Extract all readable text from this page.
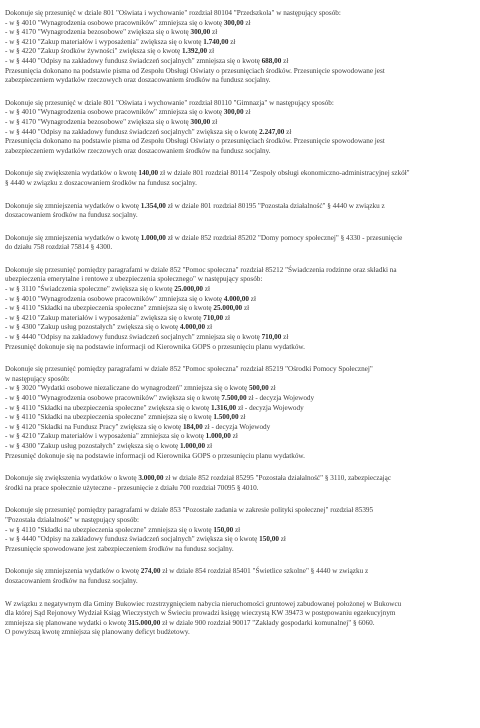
Dokonuje się przesunięć w dziale 801 "Oświata i wychowanie" rozdział 80104 "Przedszkola" w następujący sposób:
- w § 4010 "Wynagrodzenia osobowe pracowników" zmniejsza się o kwotę 300,00 zł
- w § 4170 "Wynagrodzenia bezosobowe" zwiększa się o kwotę 300,00 zł
- w § 4210 "Zakup materiałów i wyposażenia" zwiększa się o kwotę 1.740,00 zł
- w § 4220 "Zakup środków żywności" zwiększa się o kwotę 1.392,00 zł
- w § 4440 "Odpisy na zakładowy fundusz świadczeń socjalnych" zmniejsza się o kwotę 688,00 zł
Przesunięcia dokonano na podstawie pisma od Zespołu Obsługi Oświaty o przesunięciach środków. Przesunięcie spowodowane jest
zabezpieczeniem wydatków rzeczowych oraz doszacowaniem środków na fundusz socjalny.
Dokonuje się przesunięć w dziale 801 "Oświata i wychowanie" rozdział 80110 "Gimnazja" w następujący sposób:
- w § 4010 "Wynagrodzenia osobowe pracowników" zmniejsza się o kwotę 300,00 zł
- w § 4170 "Wynagrodzenia bezosobowe" zwiększa się o kwotę 300,00 zł
- w § 4440 "Odpisy na zakładowy fundusz świadczeń socjalnych" zwiększa się o kwotę 2.247,00 zł
Przesunięcia dokonano na podstawie pisma od Zespołu Obsługi Oświaty o przesunięciach środków. Przesunięcie spowodowane jest
zabezpieczeniem wydatków rzeczowych oraz doszacowaniem środków na fundusz socjalny.
Dokonuje się zwiększenia wydatków o kwotę 140,00 zł w dziale 801 rozdział 80114 "Zespoły obsługi ekonomiczno-administracyjnej szkół"
§ 4440 w związku z doszacowaniem środków na fundusz socjalny.
Dokonuje się zmniejszenia wydatków o kwotę 1.354,00 zł w dziale 801 rozdział 80195 "Pozostała działalność" § 4440 w związku z
doszacowaniem środków na fundusz socjalny.
Dokonuje się zmniejszenia wydatków o kwotę 1.000,00 zł w dziale 852 rozdział 85202 "Domy pomocy społecznej" § 4330 - przesunięcie
do działu 758 rozdział 75814 § 4300.
Dokonuje się przesunięć pomiędzy paragrafami w dziale 852 "Pomoc społeczna" rozdział 85212 "Świadczenia rodzinne oraz składki na
ubezpieczenia emerytalne i rentowe z ubezpieczenia społecznego" w następujący sposób:
- w § 3110 "Świadczenia społeczne" zwiększa się o kwotę 25.000,00 zł
- w § 4010 "Wynagrodzenia osobowe pracowników" zmniejsza się o kwotę 4.000,00 zł
- w § 4110 "Składki na ubezpieczenia społeczne" zmniejsza się o kwotę 25.000,00 zł
- w § 4210 "Zakup materiałów i wyposażenia" zwiększa się o kwotę 710,00 zł
- w § 4300 "Zakup usług pozostałych" zwiększa się o kwotę 4.000,00 zł
- w § 4440 "Odpisy na zakładowy fundusz świadczeń socjalnych" zmniejsza się o kwotę 710,00 zł
Przesunięć dokonuje się na podstawie informacji od Kierownika GOPS o przesunięciu planu wydatków.
Dokonuje się przesunięć pomiędzy paragrafami w dziale 852 "Pomoc społeczna" rozdział 85219 "Ośrodki Pomocy Społecznej"
w następujący sposób:
- w § 3020 "Wydatki osobowe niezaliczane do wynagrodzeń" zmniejsza się o kwotę 500,00 zł
- w § 4010 "Wynagrodzenia osobowe pracowników" zwiększa się o kwotę 7.500,00 zł - decyzja Wojewody
- w § 4110 "Składki na ubezpieczenia społeczne" zwiększa się o kwotę 1.316,00 zł - decyzja Wojewody
- w § 4110 "Składki na ubezpieczenia społeczne" zmniejsza się o kwotę 1.500,00 zł
- w § 4120 "Składki na Fundusz Pracy" zwiększa się o kwotę 184,00 zł - decyzja Wojewody
- w § 4210 "Zakup materiałów i wyposażenia" zmniejsza się o kwotę 1.000,00 zł
- w § 4300 "Zakup usług pozostałych" zwiększa się o kwotę 1.000,00 zł
Przesunięć dokonuje się na podstawie informacji od Kierownika GOPS o przesunięciu planu wydatków.
Dokonuje się zwiększenia wydatków o kwotę 3.000,00 zł w dziale 852 rozdział 85295 "Pozostała działalność" § 3110, zabezpieczając
środki na prace społecznie użyteczne - przesunięcie z działu 700 rozdział 70095 § 4010.
Dokonuje się przesunięć pomiędzy paragrafami w dziale 853 "Pozostałe zadania w zakresie polityki społecznej" rozdział 85395
"Pozostała działalność" w następujący sposób:
- w § 4110 "Składki na ubezpieczenia społeczne" zmniejsza się o kwotę 150,00 zł
- w § 4440 "Odpisy na zakładowy fundusz świadczeń socjalnych" zwiększa się o kwotę 150,00 zł
Przesunięcie spowodowane jest zabezpieczeniem środków na fundusz socjalny.
Dokonuje się zmniejszenia wydatków o kwotę 274,00 zł w dziale 854 rozdział 85401 "Świetlice szkolne" § 4440 w związku z
doszacowaniem środków na fundusz socjalny.
W związku z negatywnym dla Gminy Bukowiec rozstrzygnięciem nabycia nieruchomości gruntowej zabudowanej położonej w Bukowcu
dla której Sąd Rejonowy Wydział Ksiąg Wieczystych w Świeciu prowadzi księgę wieczystą KW 39473 w postępowaniu egzekucyjnym
zmniejsza się planowane wydatki o kwotę 315.000,00 zł w dziale 900 rozdział 90017 "Zakłady gospodarki komunalnej" § 6060.
O powyższą kwotę zmniejsza się planowany deficyt budżetowy.
